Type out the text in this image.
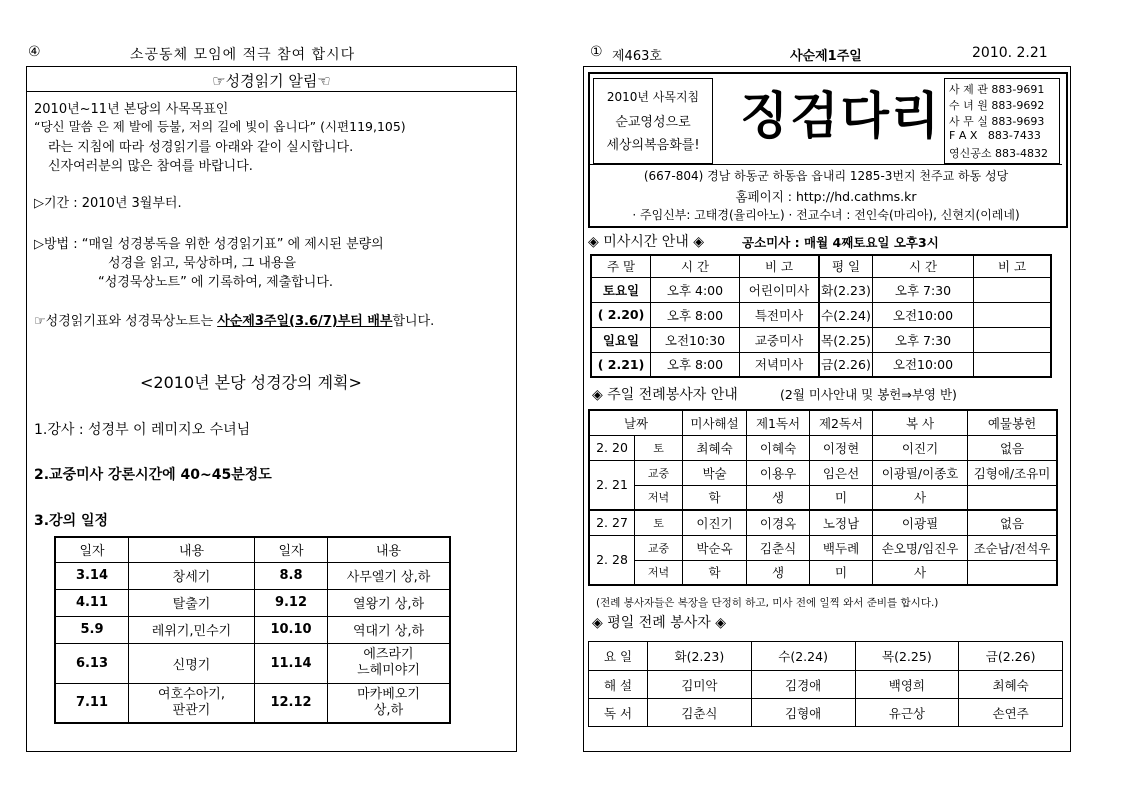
④	소공동체 모임에 적극 참여 합시다
☞성경읽기 알림☜
2010년~11년 본당의 사목목표인
“당신 말씀 은 제 발에 등불, 저의 길에 빛이 옵니다” (시편119,105)
라는 지침에 따라 성경읽기를 아래와 같이 실시합니다.
신자여러분의 많은 참여를 바랍니다.
▷기간 : 2010년 3월부터.
▷방법 : “매일 성경봉독을 위한 성경읽기표” 에 제시된 분량의
성경을 읽고, 묵상하며, 그 내용을
“성경묵상노트” 에 기록하여, 제출합니다.
☞성경읽기표와 성경묵상노트는 사순제3주일(3.6/7)부터 배부합니다.
<2010년 본당 성경강의 계획>
1.강사 : 성경부 이 레미지오 수녀님
2.교중미사 강론시간에 40~45분정도
3.강의 일정
일자	내용	일자	내용
3.14	창세기	8.8	사무엘기 상,하
4.11	탈출기	9.12	열왕기 상,하
5.9	레위기,민수기	10.10	역대기 상,하
6.13	신명기	11.14	에즈라기
느헤미야기
7.11	여호수아기,
판관기	12.12	마카베오기
상,하
① 제463호	사순제1주일	2010. 2.21
2010년 사목지침
순교영성으로
세상의복음화를!
징검다리 사 제 관 883-9691
수 녀 원 883-9692
사 무 실 883-9693
F A X   883-7433
영신공소 883-4832
(667-804) 경남 하동군 하동읍 읍내리 1285-3번지 천주교 하동 성당
홈페이지 : http://hd.cathms.kr
· 주임신부: 고태경(율리아노) · 전교수녀 : 전인숙(마리아), 신현지(이레네)
◈ 미사시간 안내 ◈	공소미사 : 매월 4째토요일 오후3시
주 말	시 간	비 고	평 일	시 간	비 고
토요일	오후 4:00	어린이미사	화(2.23)	오후 7:30	
( 2.20)	오후 8:00	특전미사	수(2.24)	오전10:00	
일요일	오전10:30	교중미사	목(2.25)	오후 7:30	
( 2.21)	오후 8:00	저녁미사	금(2.26)	오전10:00	
◈ 주일 전례봉사자 안내	(2월 미사안내 및 봉헌⇒부영 반)
날짜		미사해설	제1독서	제2독서	복 사	예물봉헌
2. 20	토	최혜숙	이혜숙	이정현	이진기	없음
2. 21	교중	박술	이용우	임은선	이광필/이종호	김형애/조유미
	저녁	학	생	미	사	
2. 27	토	이진기	이경옥	노정남	이광필	없음
2. 28	교중	박순옥	김춘식	백두례	손오명/임진우	조순남/전석우
	저녁	학	생	미	사	
(전례 봉사자들은 복장을 단정히 하고, 미사 전에 일찍 와서 준비를 합시다.)
◈ 평일 전례 봉사자 ◈
요 일	화(2.23)	수(2.24)	목(2.25)	금(2.26)
해 설	김미악	김경애	백영희	최혜숙
독 서	김춘식	김형애	유근상	손연주
